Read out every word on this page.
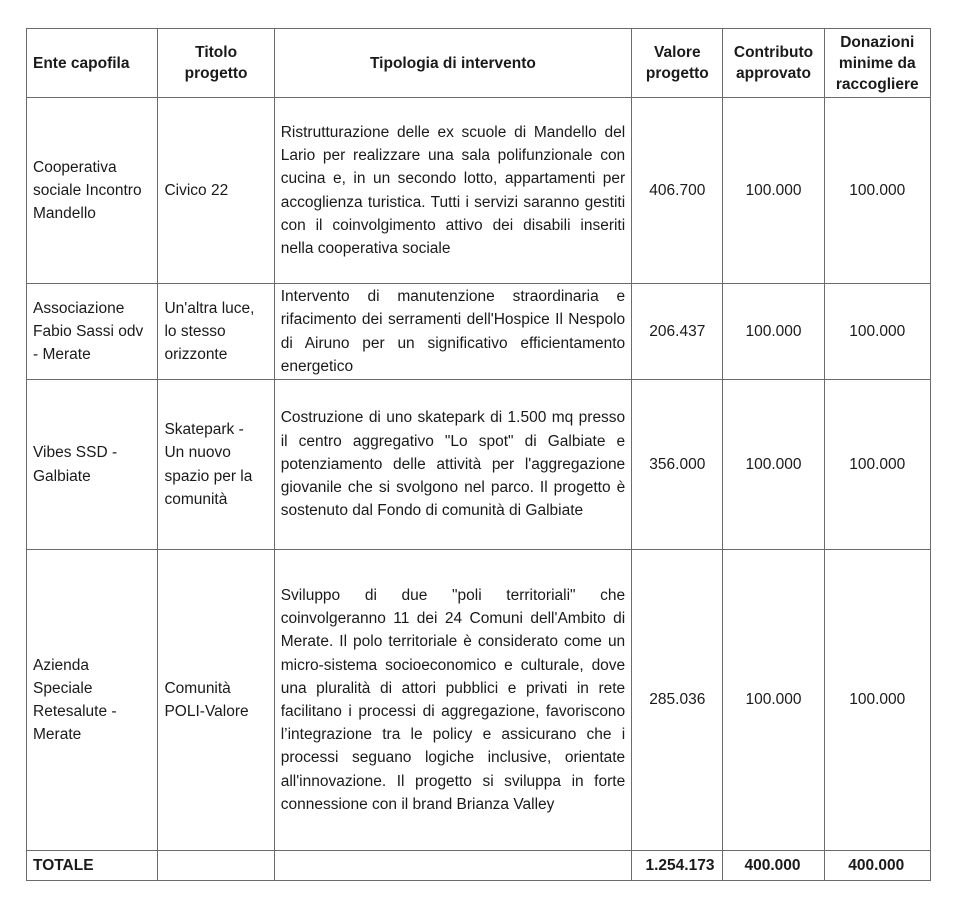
Ente capofila	Titolo progetto	Tipologia di intervento	Valore progetto	Contributo approvato	Donazioni minime da raccogliere
Cooperativa sociale Incontro Mandello	Civico 22	Ristrutturazione delle ex scuole di Mandello del Lario per realizzare una sala polifunzionale con cucina e, in un secondo lotto, appartamenti per accoglienza turistica. Tutti i servizi saranno gestiti con il coinvolgimento attivo dei disabili inseriti nella cooperativa sociale	406.700	100.000	100.000
Associazione Fabio Sassi odv - Merate	Un'altra luce, lo stesso orizzonte	Intervento di manutenzione straordinaria e rifacimento dei serramenti dell'Hospice Il Nespolo di Airuno per un significativo efficientamento energetico	206.437	100.000	100.000
Vibes SSD - Galbiate	Skatepark - Un nuovo spazio per la comunità	Costruzione di uno skatepark di 1.500 mq presso il centro aggregativo "Lo spot" di Galbiate e potenziamento delle attività per l'aggregazione giovanile che si svolgono nel parco. Il progetto è sostenuto dal Fondo di comunità di Galbiate	356.000	100.000	100.000
Azienda Speciale Retesalute - Merate	Comunità POLI-Valore	Sviluppo di due "poli territoriali" che coinvolgeranno 11 dei 24 Comuni dell'Ambito di Merate. Il polo territoriale è considerato come un micro-sistema socioeconomico e culturale, dove una pluralità di attori pubblici e privati in rete facilitano i processi di aggregazione, favoriscono l’integrazione tra le policy e assicurano che i processi seguano logiche inclusive, orientate all'innovazione. Il progetto si sviluppa in forte connessione con il brand Brianza Valley	285.036	100.000	100.000
TOTALE			1.254.173	400.000	400.000
